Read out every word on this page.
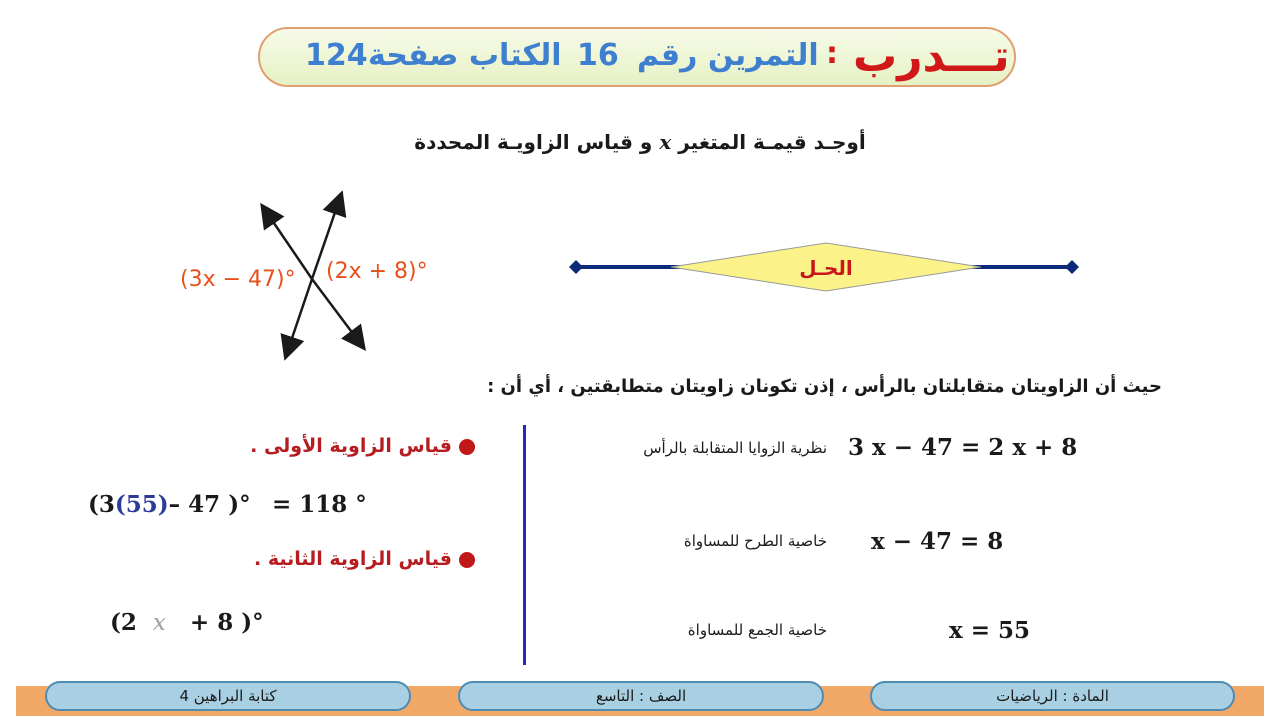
124 الكتاب صفحة 16 التمرين رقم : تـــدرب
أوجـد قيمـة المتغير x و قياس الزاويـة المحددة
(3x − 47)° (2x + 8)°	الحـل
حيث أن الزاويتان متقابلتان بالرأس ، إذن تكونان زاويتان متطابقتين ، أي أن :
3 x − 47 = 2 x + 8
نظرية الزوايا المتقابلة بالرأس
x − 47 = 8
خاصية الطرح للمساواة
x = 55
خاصية الجمع للمساواة
قياس الزاوية الأولى .
(3(55)– 47 )° = 118 °
قياس الزاوية الثانية .
(2 x + 8 )°
المادة : الرياضيات
الصف : التاسع
كتابة البراهين 4
